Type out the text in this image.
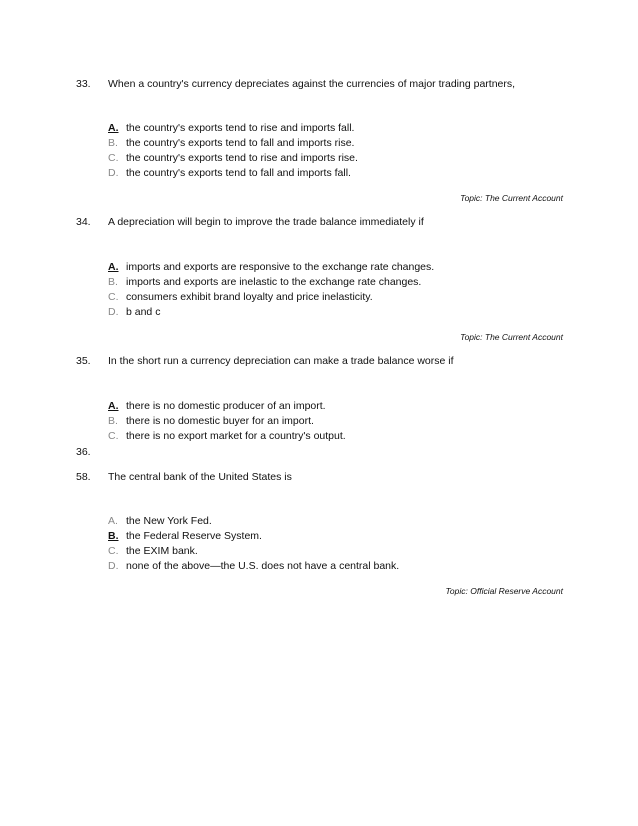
33. When a country's currency depreciates against the currencies of major trading partners,
A. the country's exports tend to rise and imports fall.
B. the country's exports tend to fall and imports rise.
C. the country's exports tend to rise and imports rise.
D. the country's exports tend to fall and imports fall.
Topic: The Current Account
34. A depreciation will begin to improve the trade balance immediately if
A. imports and exports are responsive to the exchange rate changes.
B. imports and exports are inelastic to the exchange rate changes.
C. consumers exhibit brand loyalty and price inelasticity.
D. b and c
Topic: The Current Account
35. In the short run a currency depreciation can make a trade balance worse if
A. there is no domestic producer of an import.
B. there is no domestic buyer for an import.
C. there is no export market for a country's output.
36.
58. The central bank of the United States is
A. the New York Fed.
B. the Federal Reserve System.
C. the EXIM bank.
D. none of the above—the U.S. does not have a central bank.
Topic: Official Reserve Account
